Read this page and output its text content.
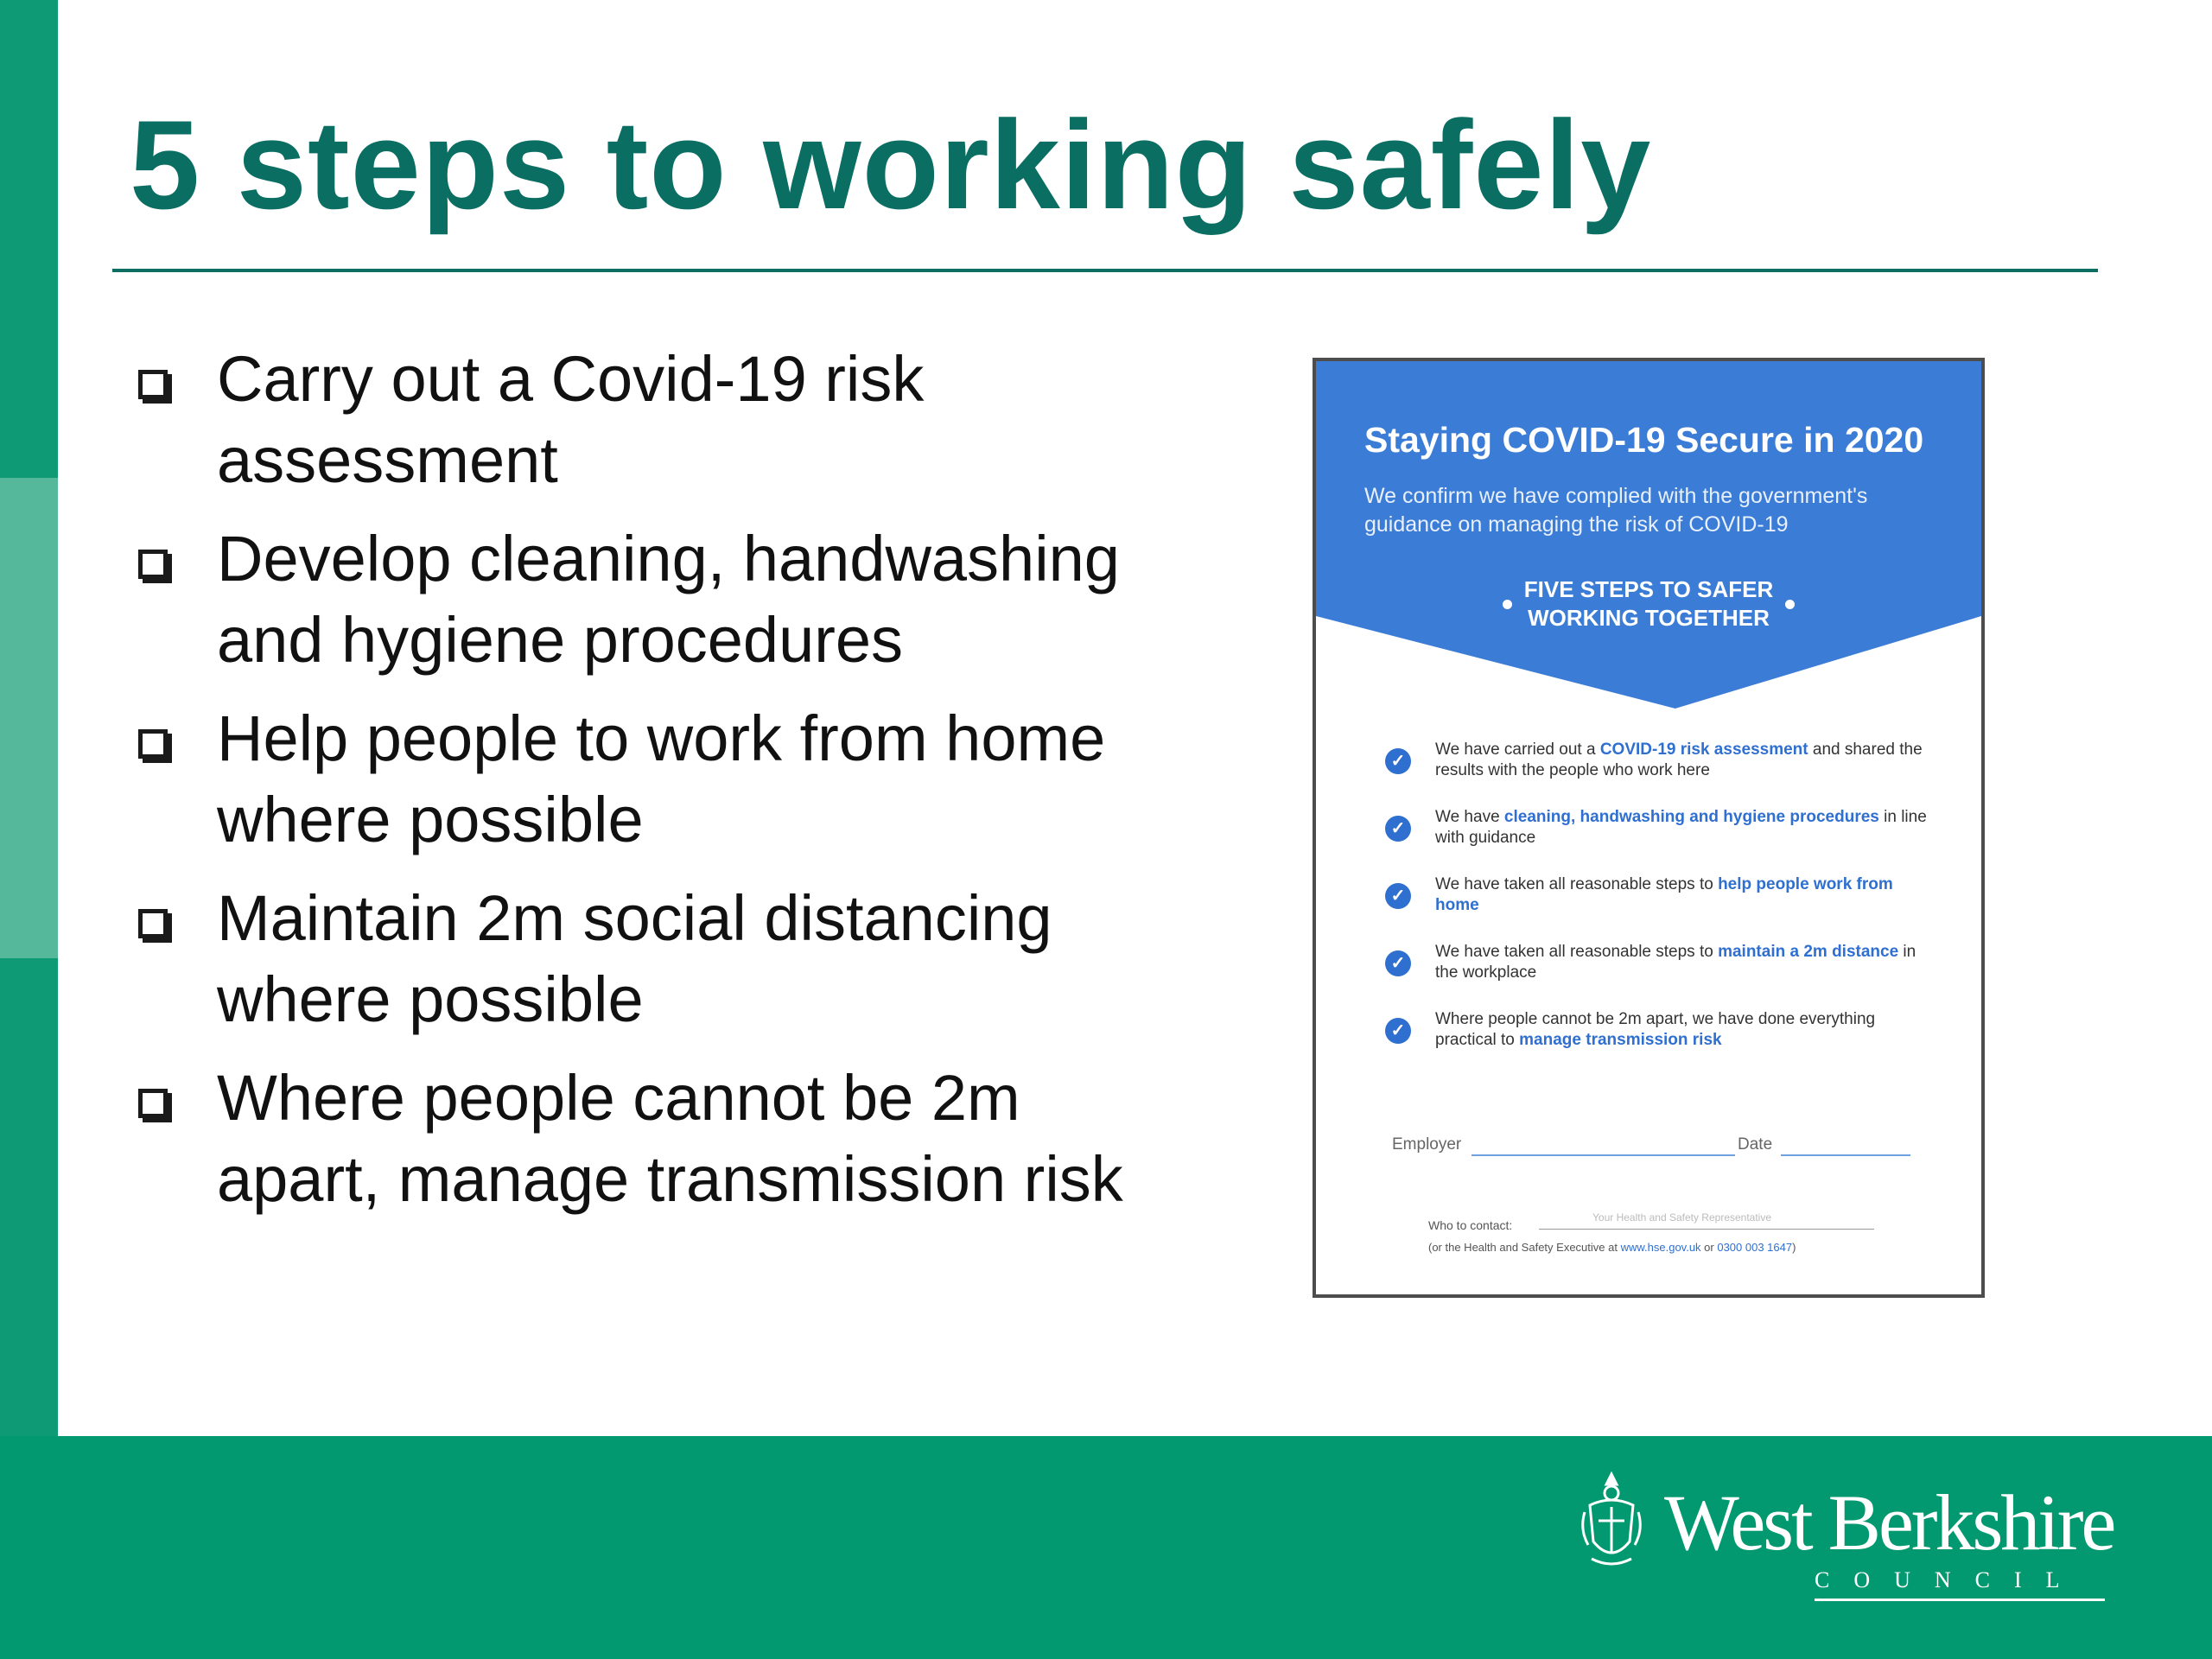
5 steps to working safely
Carry out a Covid-19 risk assessment
Develop cleaning, handwashing and hygiene procedures
Help people to work from home where possible
Maintain 2m social distancing where possible
Where people cannot be 2m apart, manage transmission risk
Staying COVID-19 Secure in 2020
We confirm we have complied with the government's guidance on managing the risk of COVID-19
FIVE STEPS TO SAFER
WORKING TOGETHER
✓
We have carried out a COVID-19 risk assessment and shared the results with the people who work here
✓
We have cleaning, handwashing and hygiene procedures in line with guidance
✓
We have taken all reasonable steps to help people work from home
✓
We have taken all reasonable steps to maintain a 2m distance in the workplace
✓
Where people cannot be 2m apart, we have done everything practical to manage transmission risk
Employer	Date
Who to contact:
Your Health and Safety Representative
(or the Health and Safety Executive at www.hse.gov.uk or 0300 003 1647)
West Berkshire
COUNCIL
